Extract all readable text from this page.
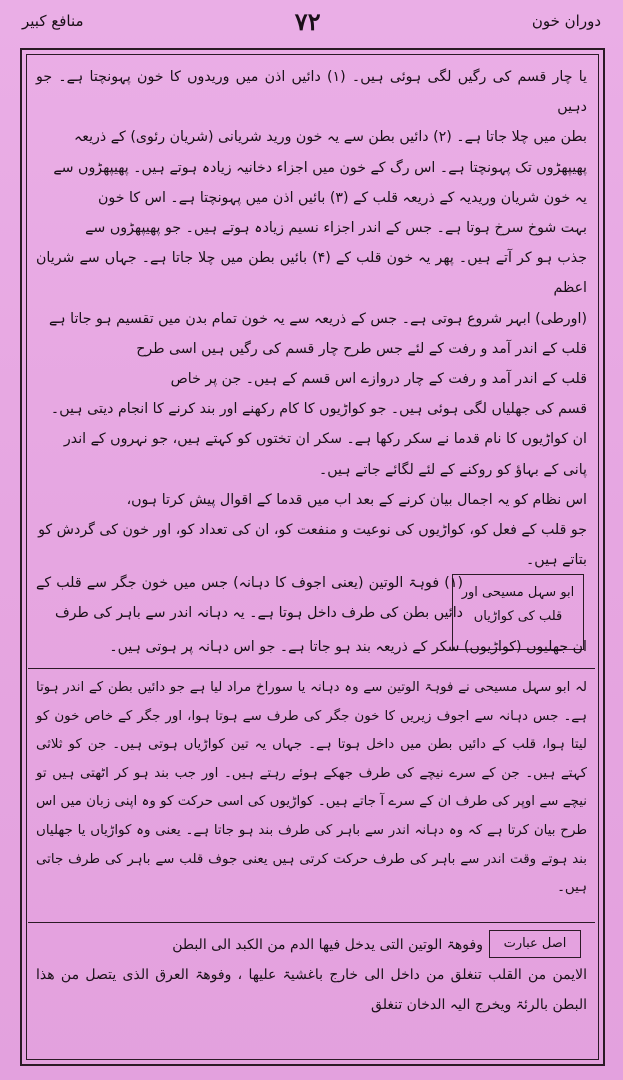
دوران خون
۷۲
منافع کبیر

یا چار قسم کی رگیں لگی ہوئی ہیں۔ (۱) دائیں اذن میں وریدوں کا خون پہونچتا ہے۔ جو دہیں

بطن میں چلا جاتا ہے۔ (۲) دائیں بطن سے یہ خون ورید شریانی (شریان رئوی) کے ذریعہ

پھیپھڑوں تک پہونچتا ہے۔ اس رگ کے خون میں اجزاء دخانیہ زیادہ ہوتے ہیں۔ پھیپھڑوں سے

یہ خون شریان وریدیہ کے ذریعہ قلب کے (۳) بائیں اذن میں پہونچتا ہے۔ اس کا خون

بہت شوخ سرخ ہوتا ہے۔ جس کے اندر اجزاء نسیم زیادہ ہوتے ہیں۔ جو پھیپھڑوں سے

جذب ہو کر آتے ہیں۔ پھر یہ خون قلب کے (۴) بائیں بطن میں چلا جاتا ہے۔ جہاں سے شریان اعظم

(اورطی) ابہر شروع ہوتی ہے۔ جس کے ذریعہ سے یہ خون تمام بدن میں تقسیم ہو جاتا ہے

قلب کے اندر آمد و رفت کے لئے جس طرح چار قسم کی رگیں ہیں اسی طرح

قلب کے اندر آمد و رفت کے چار دروازے اس قسم کے ہیں۔ جن پر خاص

قسم کی جھلیاں لگی ہوئی ہیں۔ جو کواڑیوں کا کام رکھنے اور بند کرنے کا انجام دیتی ہیں۔

ان کواڑیوں کا نام قدما نے سکر رکھا ہے۔ سکر ان تختوں کو کہتے ہیں، جو نہروں کے اندر

پانی کے بہاؤ کو روکنے کے لئے لگائے جاتے ہیں۔

اس نظام کو یہ اجمال بیان کرنے کے بعد اب میں قدما کے اقوال پیش کرتا ہوں،

جو قلب کے فعل کو، کواڑیوں کی نوعیت و منفعت کو، ان کی تعداد کو، اور خون کی گردش کو

بتاتے ہیں۔

ابو سہل مسیحی اور قلب کی کواڑیاں
(۱) فوہۃ الوتین (یعنی اجوف کا دہانہ) جس میں خون جگر سے قلب کے دائیں بطن کی طرف داخل ہوتا ہے۔ یہ دہانہ اندر سے باہر کی طرف
ان جھلیوں (کواڑیوں) سکر کے ذریعہ بند ہو جاتا ہے۔ جو اس دہانہ پر ہوتی ہیں۔
لہ ابو سہل مسیحی نے فوہۃ الوتین سے وہ دہانہ یا سوراخ مراد لیا ہے جو دائیں بطن کے اندر ہوتا ہے۔ جس دہانہ سے اجوف زیریں کا خون جگر کی طرف سے ہوتا ہوا، اور جگر کے خاص خون کو لیتا ہوا، قلب کے دائیں بطن میں داخل ہوتا ہے۔ جہاں یہ تین کواڑیاں ہوتی ہیں۔ جن کو ثلاثی کہتے ہیں۔ جن کے سرے نیچے کی طرف جھکے ہوئے رہتے ہیں۔ اور جب بند ہو کر اٹھتی ہیں تو نیچے سے اوپر کی طرف ان کے سرے آ جاتے ہیں۔ کواڑیوں کی اسی حرکت کو وہ اپنی زبان میں اس طرح بیان کرتا ہے کہ وہ دہانہ اندر سے باہر کی طرف بند ہو جاتا ہے۔ یعنی وہ کواڑیاں یا جھلیاں بند ہوتے وقت اندر سے باہر کی طرف حرکت کرتی ہیں یعنی جوف قلب سے باہر کی طرف جاتی ہیں۔
اصل عبارت
وفوھۃ الوتین التی یدخل فیھا الدم من الکبد الی البطن
الایمن من القلب تنغلق من داخل الی خارج باغشیۃ علیھا ، وفوھۃ العرق الذی یتصل من ھذا البطن بالرئۃ ویخرج الیہ الدخان تنغلق
